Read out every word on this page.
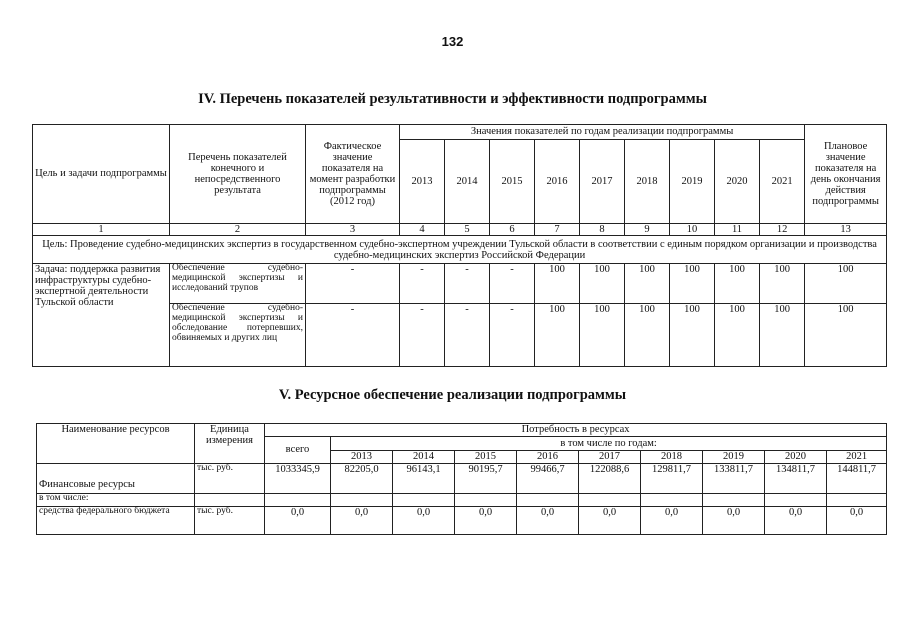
132
IV. Перечень показателей результативности и эффективности подпрограммы
Цель и задачи подпрограммы	Перечень показателей конечного и непосредственного результата	Фактическое значение показателя на момент разработки подпрограммы (2012 год)	Значения показателей по годам реализации подпрограммы									Плановое значение показателя на день окончания действия подпрограммы
			2013	2014	2015	2016	2017	2018	2019	2020	2021	
1	2	3	4	5	6	7	8	9	10	11	12	13
Цель: Проведение судебно-медицинских экспертиз в государственном судебно-экспертном учреждении Тульской области в соответствии с единым порядком организации и производства судебно-медицинских экспертиз Российской Федерации												
Задача: поддержка развития инфраструктуры судебно-экспертной деятельности Тульской области	Обеспечение судебно-медицинской экспертизы и исследований трупов	-	-	-	-	100	100	100	100	100	100	100
	Обеспечение судебно-медицинской экспертизы и обследование потерпевших, обвиняемых и других лиц	-	-	-	-	100	100	100	100	100	100	100
V. Ресурсное обеспечение реализации подпрограммы
Наименование ресурсов	Единица измерения	Потребность в ресурсах									
		всего	в том числе по годам:								
			2013	2014	2015	2016	2017	2018	2019	2020	2021
Финансовые ресурсы	тыс. руб.	1033345,9	82205,0	96143,1	90195,7	99466,7	122088,6	129811,7	133811,7	134811,7	144811,7
в том числе:											
средства федерального бюджета	тыс. руб.	0,0	0,0	0,0	0,0	0,0	0,0	0,0	0,0	0,0	0,0
